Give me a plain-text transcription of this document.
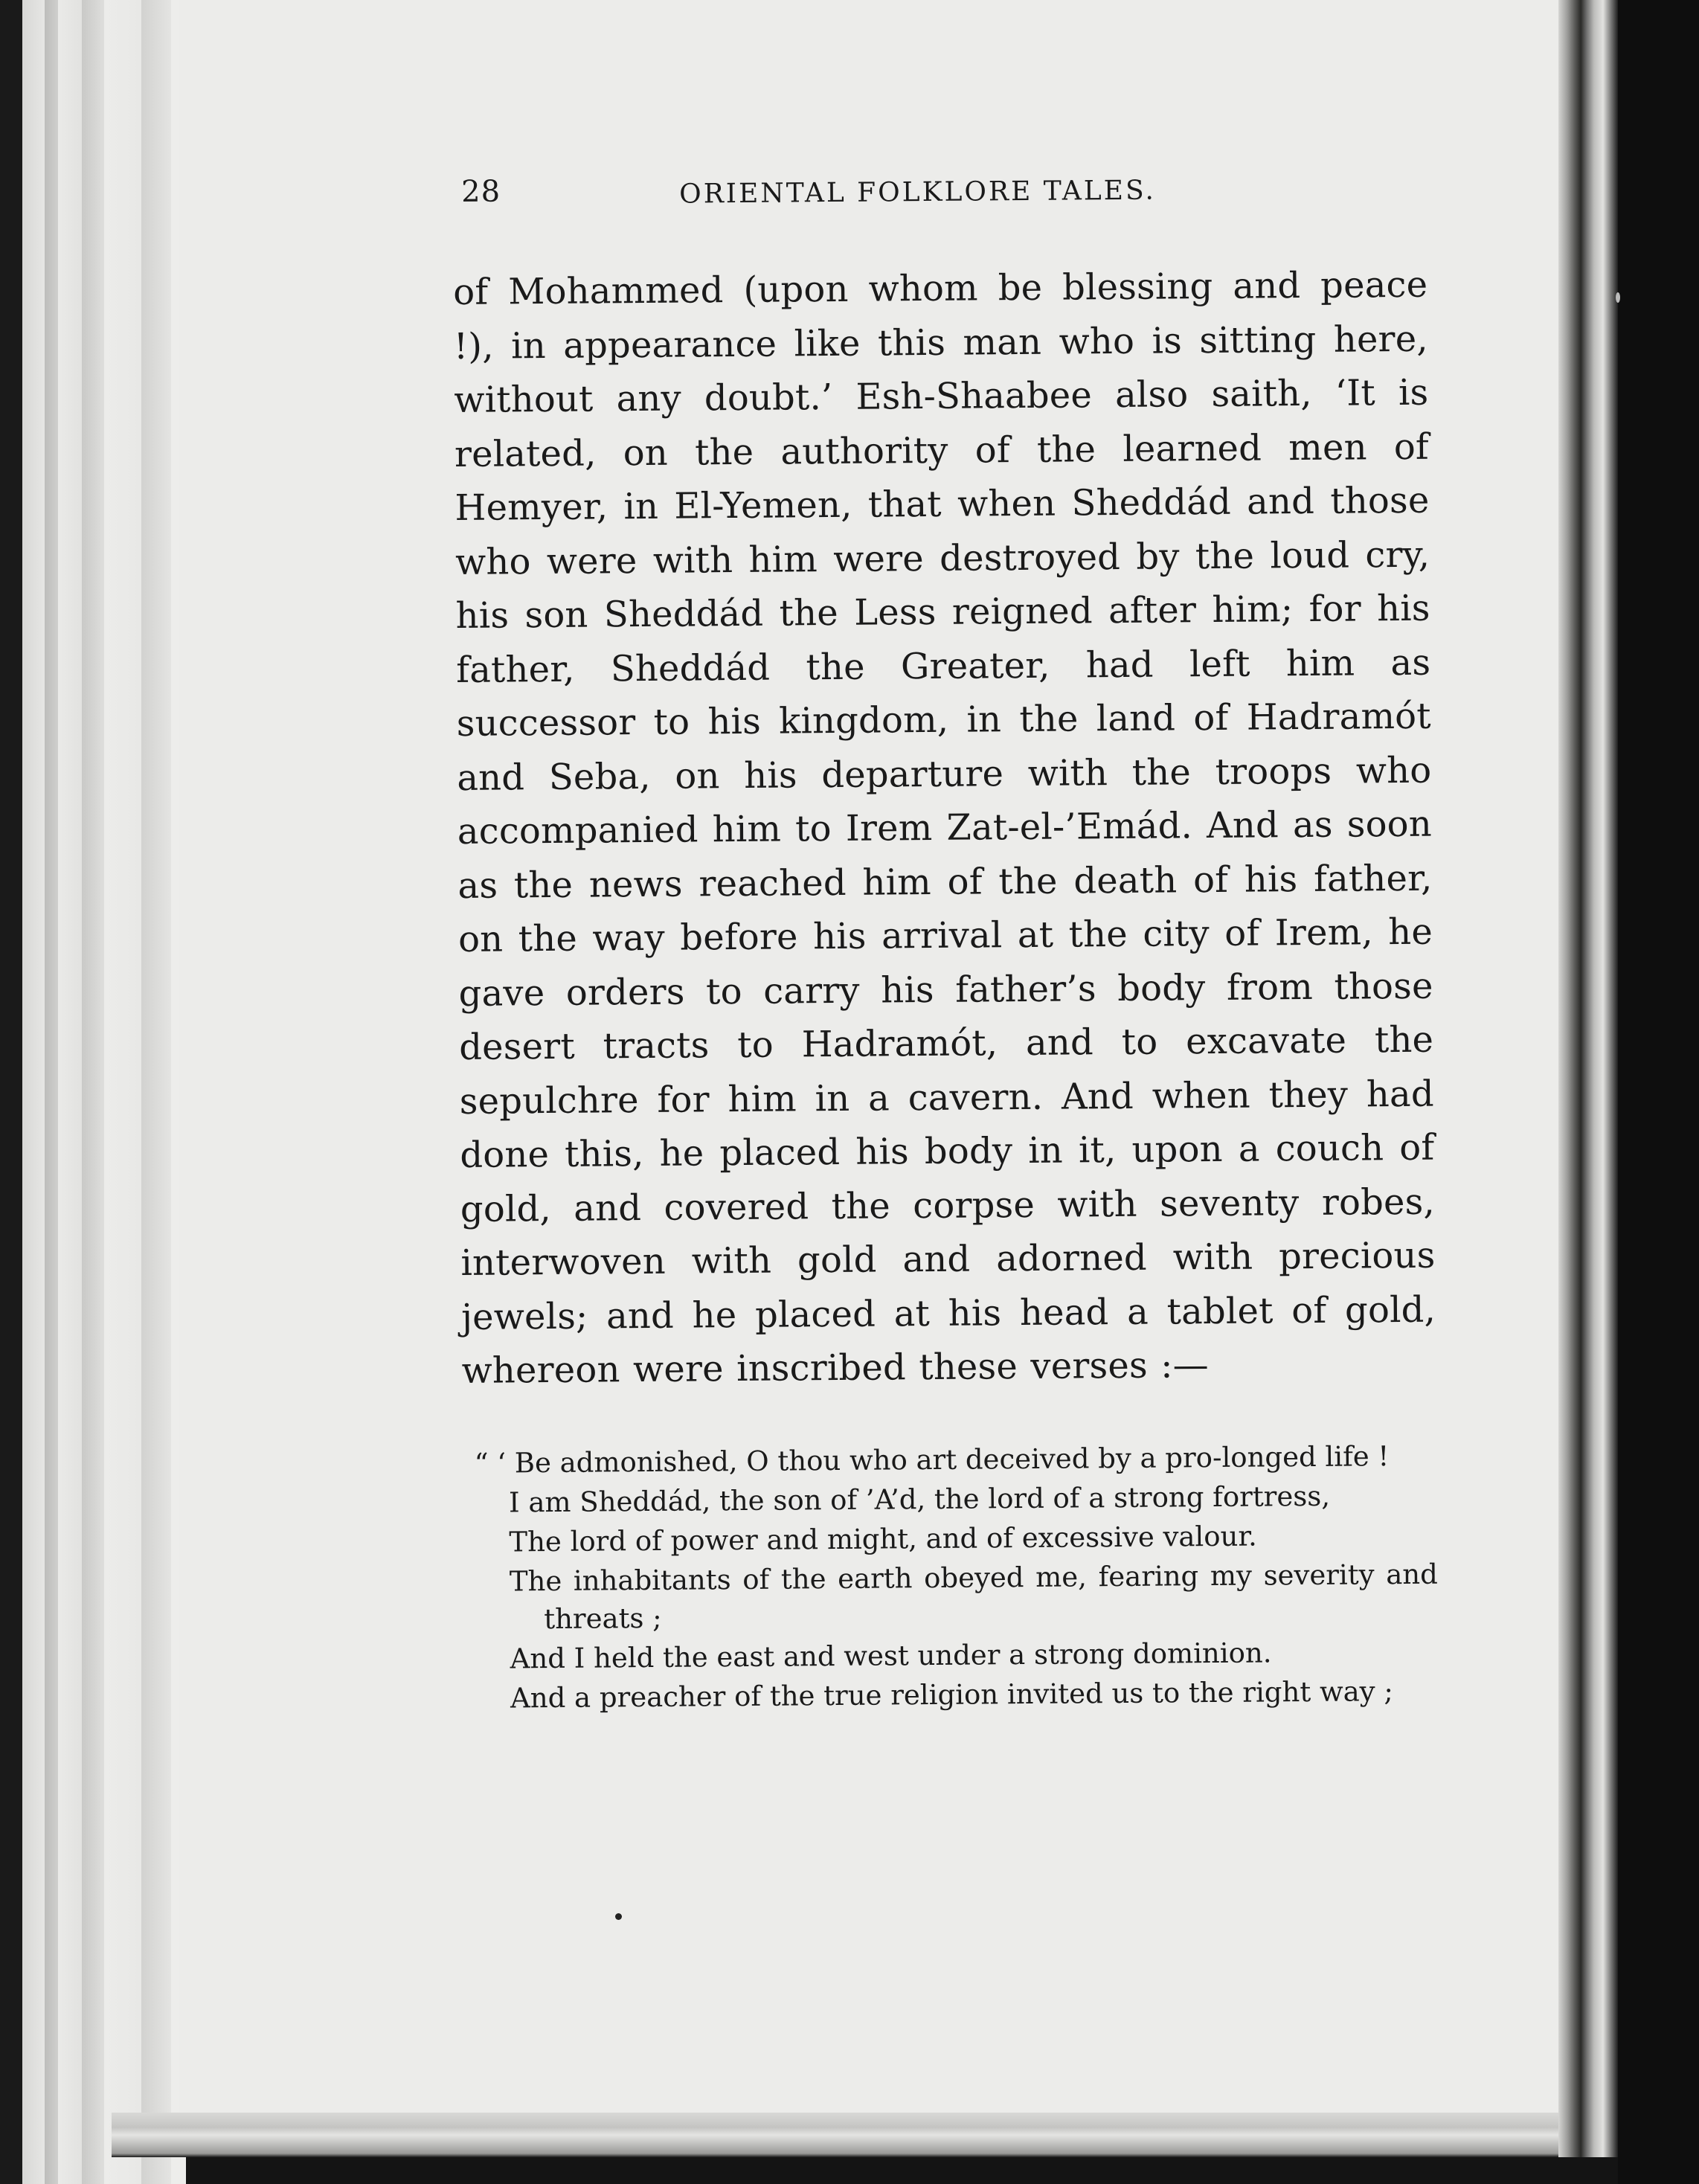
28	ORIENTAL FOLKLORE TALES.

of Mohammed (upon whom be blessing and peace !), in appearance like this man who is sitting here, without any doubt.’ Esh-Shaabee also saith, ‘It is related, on the authority of the learned men of Hemyer, in El-Yemen, that when Sheddád and those who were with him were destroyed by the loud cry, his son Sheddád the Less reigned after him; for his father, Sheddád the Greater, had left him as successor to his kingdom, in the land of Hadramót and Seba, on his departure with the troops who accompanied him to Irem Zat-el-’Emád. And as soon as the news reached him of the death of his father, on the way before his arrival at the city of Irem, he gave orders to carry his father’s body from those desert tracts to Hadramót, and to excavate the sepulchre for him in a cavern. And when they had done this, he placed his body in it, upon a couch of gold, and covered the corpse with seventy robes, interwoven with gold and adorned with precious jewels; and he placed at his head a tablet of gold, whereon were inscribed these verses :—

“ ‘ Be admonished, O thou who art deceived by a pro-longed life !
I am Sheddád, the son of ’A’d, the lord of a strong fortress,
The lord of power and might, and of excessive valour.
The inhabitants of the earth obeyed me, fearing my severity and threats ;
And I held the east and west under a strong dominion.
And a preacher of the true religion invited us to the right way ;
